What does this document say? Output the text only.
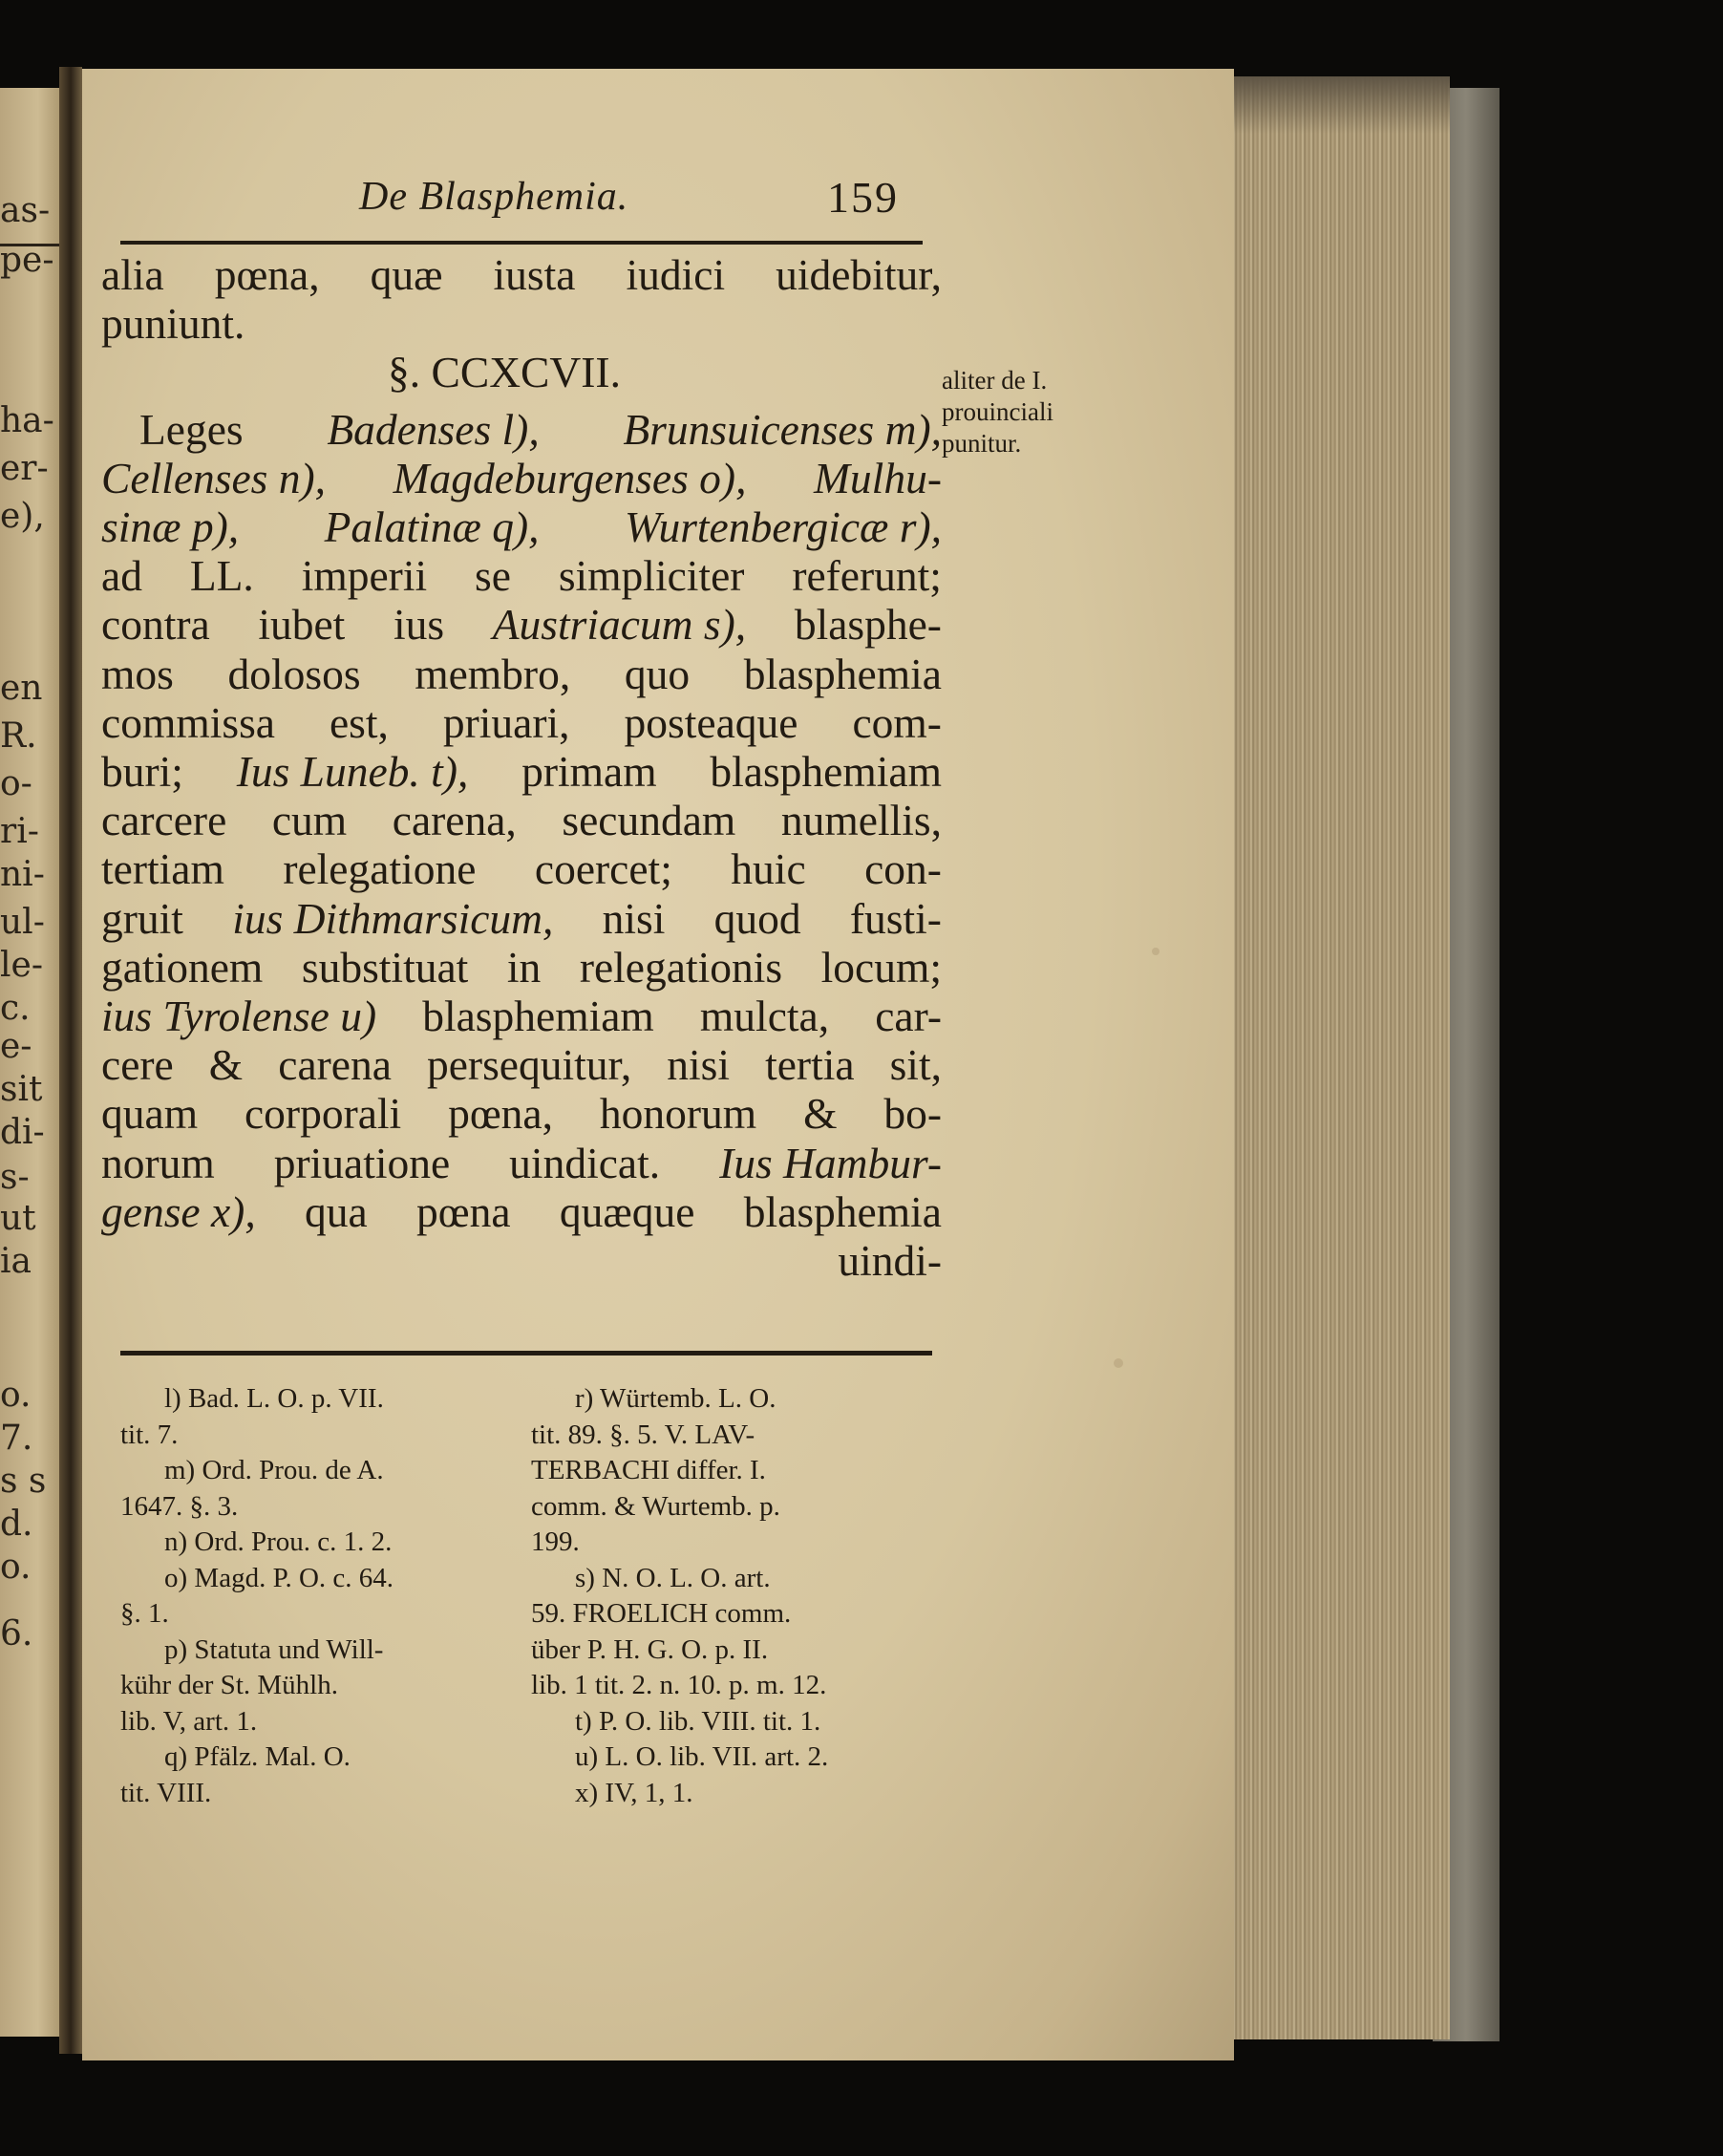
as-
pe-
ha-
er-
e),
en
R.
o-
ri-
ni-
ul-
le-
c.
e-
sit
di-
s-
ut
ia
o.
7.
s s
d.
o.
6.
De Blasphemia.	159
alia pœna, quæ iusta iudici uidebitur,
puniunt.
§. CCXCVII.
Leges Badenses l), Brunsuicenses m),
Cellenses n), Magdeburgenses o), Mulhu-
sinæ p), Palatinæ q), Wurtenbergicæ r),
ad LL. imperii se simpliciter referunt;
contra iubet ius Austriacum s), blasphe-
mos dolosos membro, quo blasphemia
commissa est, priuari, posteaque com-
buri; Ius Luneb. t), primam blasphemiam
carcere cum carena, secundam numellis,
tertiam relegatione coercet; huic con-
gruit ius Dithmarsicum, nisi quod fusti-
gationem substituat in relegationis locum;
ius Tyrolense u) blasphemiam mulcta, car-
cere & carena persequitur, nisi tertia sit,
quam corporali pœna, honorum & bo-
norum priuatione uindicat. Ius Hambur-
gense x), qua pœna quæque blasphemia
uindi-
aliter de I.
prouinciali
punitur.
l) Bad. L. O. p. VII.
tit. 7.
m) Ord. Prou. de A.
1647. §. 3.
n) Ord. Prou. c. 1. 2.
o) Magd. P. O. c. 64.
§. 1.
p) Statuta und Will-
kühr der St. Mühlh.
lib. V, art. 1.
q) Pfälz. Mal. O.
tit. VIII.
r) Würtemb. L. O.
tit. 89. §. 5. V. LAV-
TERBACHI differ. I.
comm. & Wurtemb. p.
199.
s) N. O. L. O. art.
59. FROELICH comm.
über P. H. G. O. p. II.
lib. 1 tit. 2. n. 10. p. m. 12.
t) P. O. lib. VIII. tit. 1.
u) L. O. lib. VII. art. 2.
x) IV, 1, 1.
